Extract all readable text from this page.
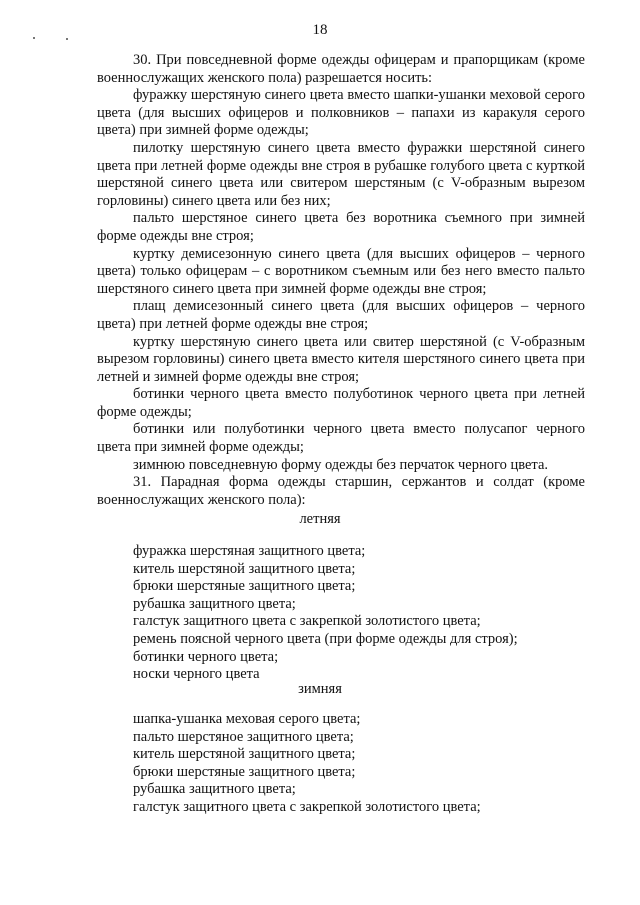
18

30. При повседневной форме одежды офицерам и прапорщикам (кроме военнослужащих женского пола) разрешается носить:

фуражку шерстяную синего цвета вместо шапки-ушанки меховой серого цвета (для высших офицеров и полковников – папахи из каракуля серого цвета) при зимней форме одежды;

пилотку шерстяную синего цвета вместо фуражки шерстяной синего цвета при летней форме одежды вне строя в рубашке голубого цвета с курткой шерстяной синего цвета или свитером шерстяным (с V-образным вырезом горловины) синего цвета или без них;

пальто шерстяное синего цвета без воротника съемного при зимней форме одежды вне строя;

куртку демисезонную синего цвета (для высших офицеров – черного цвета) только офицерам – с воротником съемным или без него вместо пальто шерстяного синего цвета при зимней форме одежды вне строя;

плащ демисезонный синего цвета (для высших офицеров – черного цвета) при летней форме одежды вне строя;

куртку шерстяную синего цвета или свитер шерстяной (с V-образным вырезом горловины) синего цвета вместо кителя шерстяного синего цвета при летней и зимней форме одежды вне строя;

ботинки черного цвета вместо полуботинок черного цвета при летней форме одежды;

ботинки или полуботинки черного цвета вместо полусапог черного цвета при зимней форме одежды;

зимнюю повседневную форму одежды без перчаток черного цвета.

31. Парадная форма одежды старшин, сержантов и солдат (кроме военнослужащих женского пола):

летняя
фуражка шерстяная защитного цвета;
китель шерстяной защитного цвета;
брюки шерстяные защитного цвета;
рубашка защитного цвета;
галстук защитного цвета с закрепкой золотистого цвета;
ремень поясной черного цвета (при форме одежды для строя);
ботинки черного цвета;
носки черного цвета
зимняя
шапка-ушанка меховая серого цвета;
пальто шерстяное защитного цвета;
китель шерстяной защитного цвета;
брюки шерстяные защитного цвета;
рубашка защитного цвета;
галстук защитного цвета с закрепкой золотистого цвета;
